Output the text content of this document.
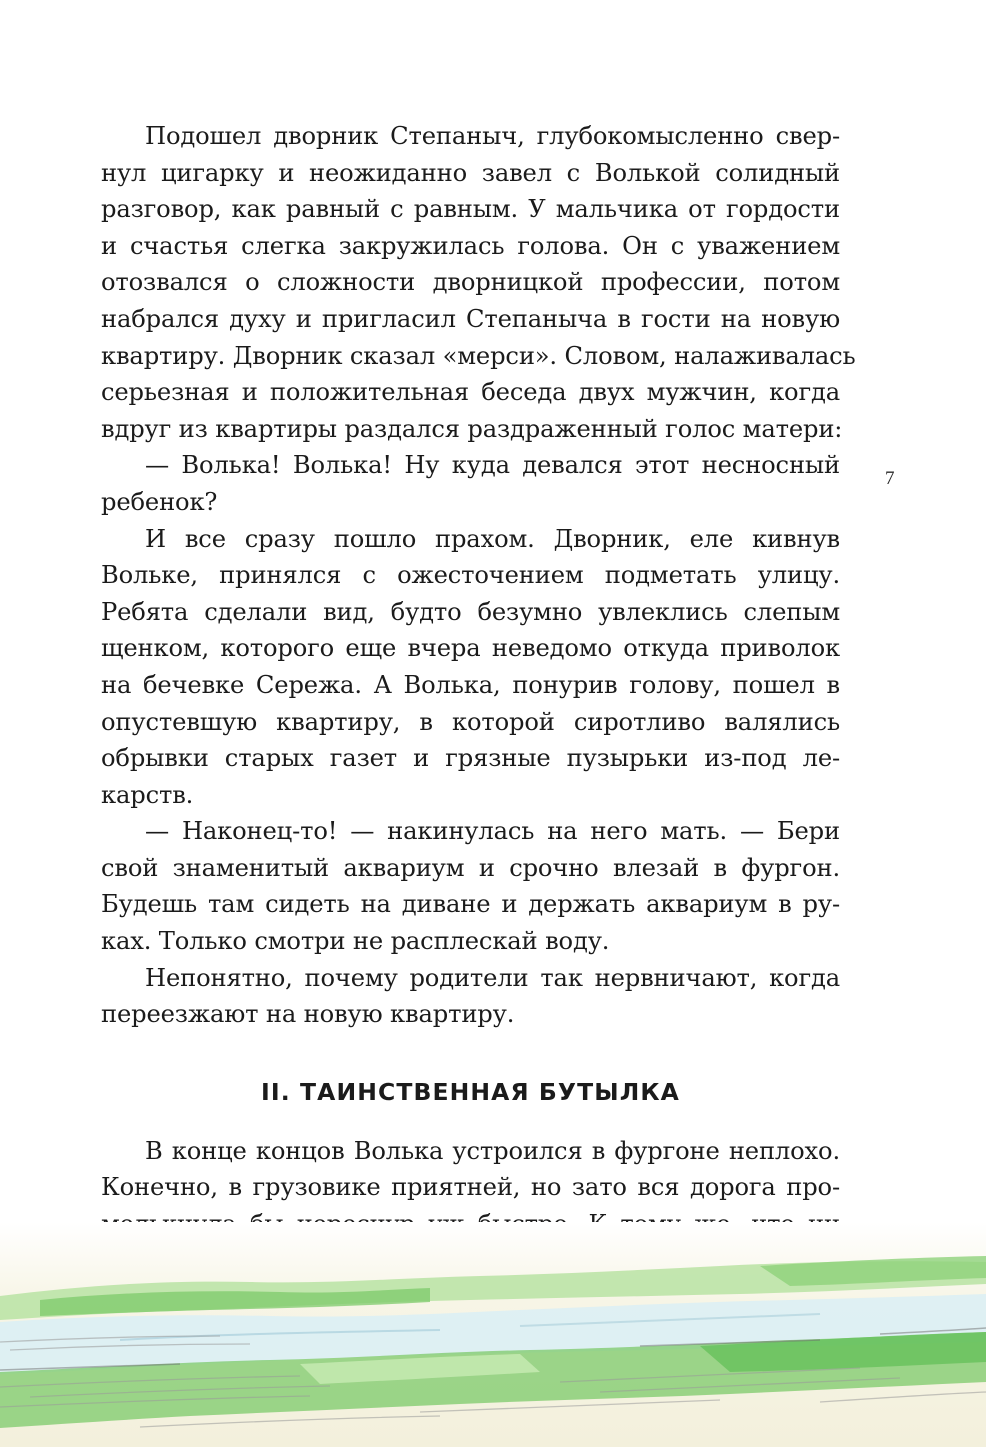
Подошел дворник Степаныч, глубокомысленно свер-
нул цигарку и неожиданно завел с Волькой солидный
разговор, как равный с равным. У мальчика от гордости
и счастья слегка закружилась голова. Он с уважением
отозвался о сложности дворницкой профессии, потом
набрался духу и пригласил Степаныча в гости на новую
квартиру. Дворник сказал «мерси». Словом, налаживалась
серьезная и положительная беседа двух мужчин, когда
вдруг из квартиры раздался раздраженный голос матери:
— Волька! Волька! Ну куда девался этот несносный
ребенок?
И все сразу пошло прахом. Дворник, еле кивнув
Вольке, принялся с ожесточением подметать улицу.
Ребята сделали вид, будто безумно увлеклись слепым
щенком, которого еще вчера неведомо откуда приволок
на бечевке Сережа. А Волька, понурив голову, пошел в
опустевшую квартиру, в которой сиротливо валялись
обрывки старых газет и грязные пузырьки из-под ле-
карств.
— Наконец-то! — накинулась на него мать. — Бери
свой знаменитый аквариум и срочно влезай в фургон.
Будешь там сидеть на диване и держать аквариум в ру-
ках. Только смотри не расплескай воду.
Непонятно, почему родители так нервничают, когда
переезжают на новую квартиру.
II. ТАИНСТВЕННАЯ БУТЫЛКА
В конце концов Волька устроился в фургоне неплохо.
Конечно, в грузовике приятней, но зато вся дорога про-
7
